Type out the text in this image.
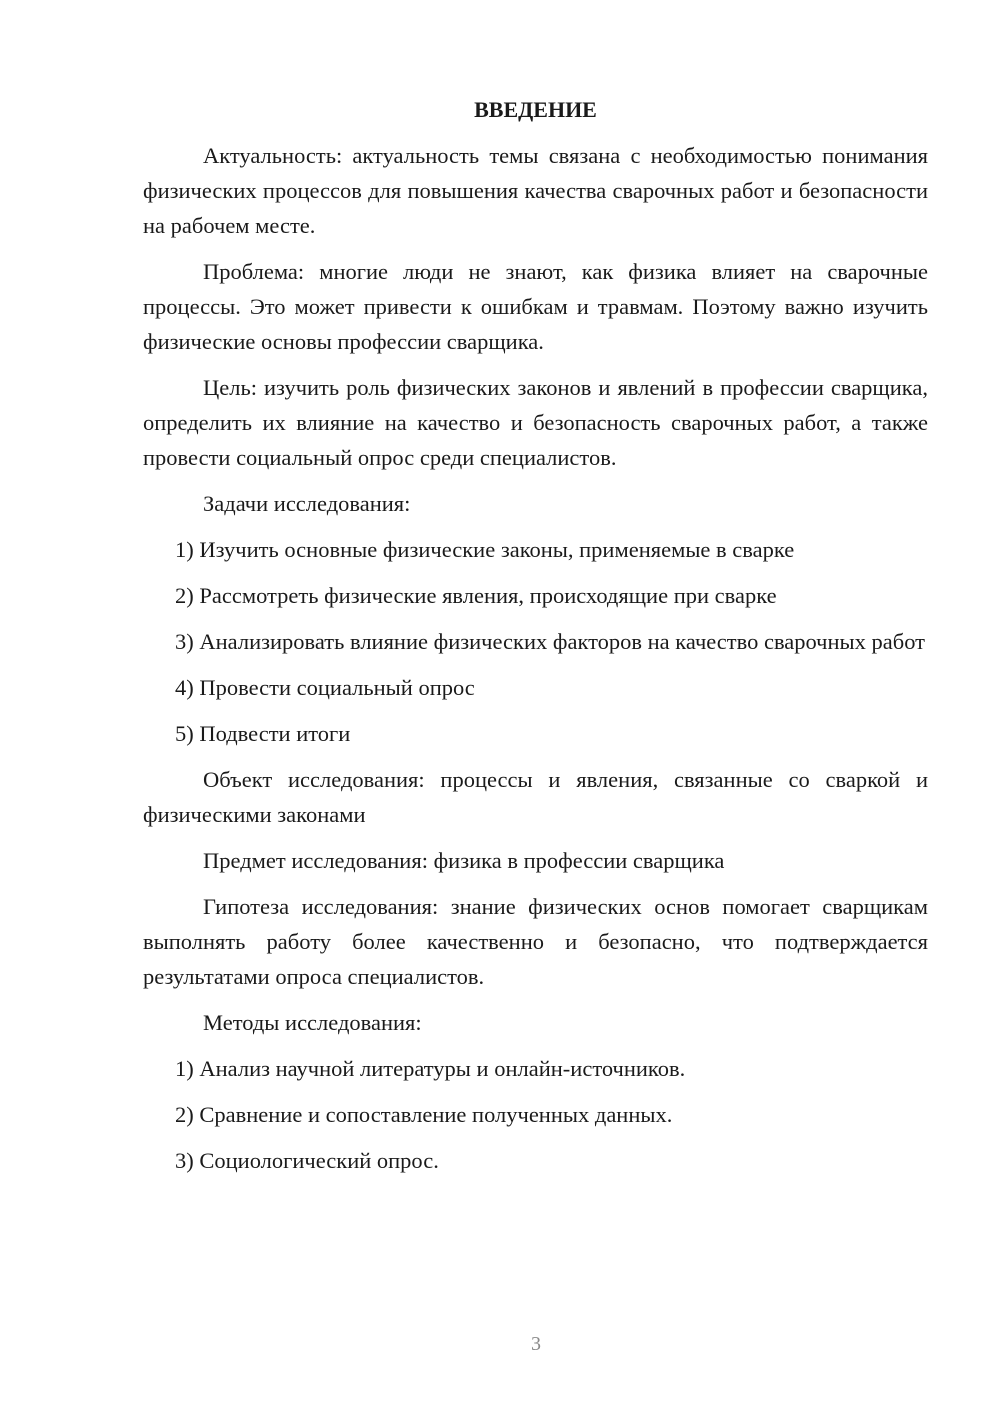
ВВЕДЕНИЕ

Актуальность: актуальность темы связана с необходимостью понимания физических процессов для повышения качества сварочных работ и безопасности на рабочем месте.

Проблема: многие люди не знают, как физика влияет на сварочные процессы. Это может привести к ошибкам и травмам. Поэтому важно изучить физические основы профессии сварщика.

Цель: изучить роль физических законов и явлений в профессии сварщика, определить их влияние на качество и безопасность сварочных работ, а также провести социальный опрос среди специалистов.

Задачи исследования:

1) Изучить основные физические законы, применяемые в сварке

2) Рассмотреть физические явления, происходящие при сварке

3) Анализировать влияние физических факторов на качество сварочных работ

4) Провести социальный опрос

5) Подвести итоги

Объект исследования: процессы и явления, связанные со сваркой и физическими законами

Предмет исследования: физика в профессии сварщика

Гипотеза исследования: знание физических основ помогает сварщикам выполнять работу более качественно и безопасно, что подтверждается результатами опроса специалистов.

Методы исследования:

1) Анализ научной литературы и онлайн-источников.

2) Сравнение и сопоставление полученных данных.

3) Социологический опрос.

3
